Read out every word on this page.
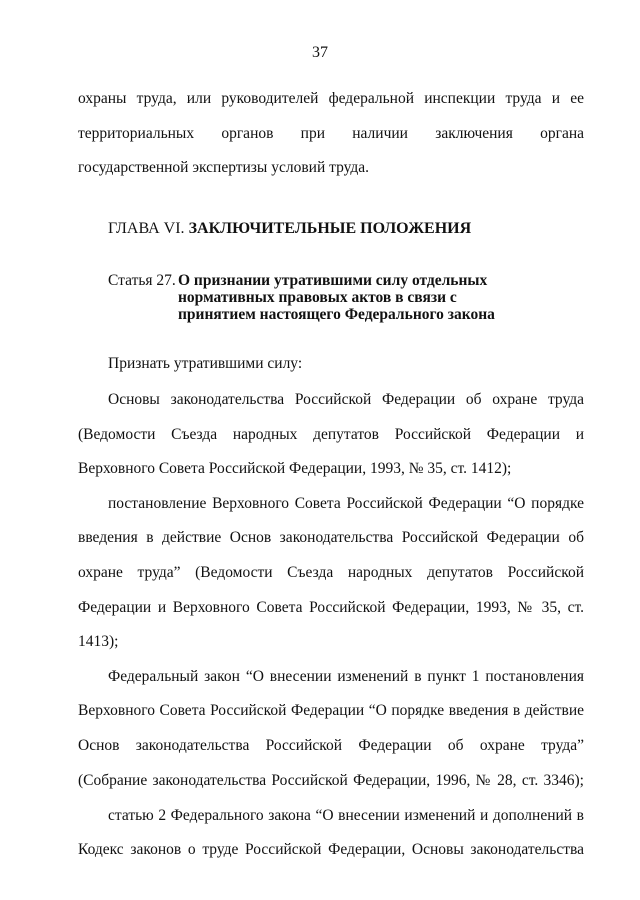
37
охраны труда, или руководителей федеральной инспекции труда и ее
территориальных органов при наличии заключения органа
государственной экспертизы условий труда.
ГЛАВА VI. ЗАКЛЮЧИТЕЛЬНЫЕ ПОЛОЖЕНИЯ
Статья 27. О признании утратившими силу отдельных
нормативных правовых актов в связи с
принятием настоящего Федерального закона
Признать утратившими силу:
Основы законодательства Российской Федерации об охране труда
(Ведомости Съезда народных депутатов Российской Федерации и
Верховного Совета Российской Федерации, 1993, № 35, ст. 1412);
постановление Верховного Совета Российской Федерации “О порядке
введения в действие Основ законодательства Российской Федерации об
охране труда” (Ведомости Съезда народных депутатов Российской
Федерации и Верховного Совета Российской Федерации, 1993, № 35, ст.
1413);
Федеральный закон “О внесении изменений в пункт 1 постановления
Верховного Совета Российской Федерации “О порядке введения в действие
Основ законодательства Российской Федерации об охране труда”
(Собрание законодательства Российской Федерации, 1996, № 28, ст. 3346);
статью 2 Федерального закона “О внесении изменений и дополнений в
Кодекс законов о труде Российской Федерации, Основы законодательства
